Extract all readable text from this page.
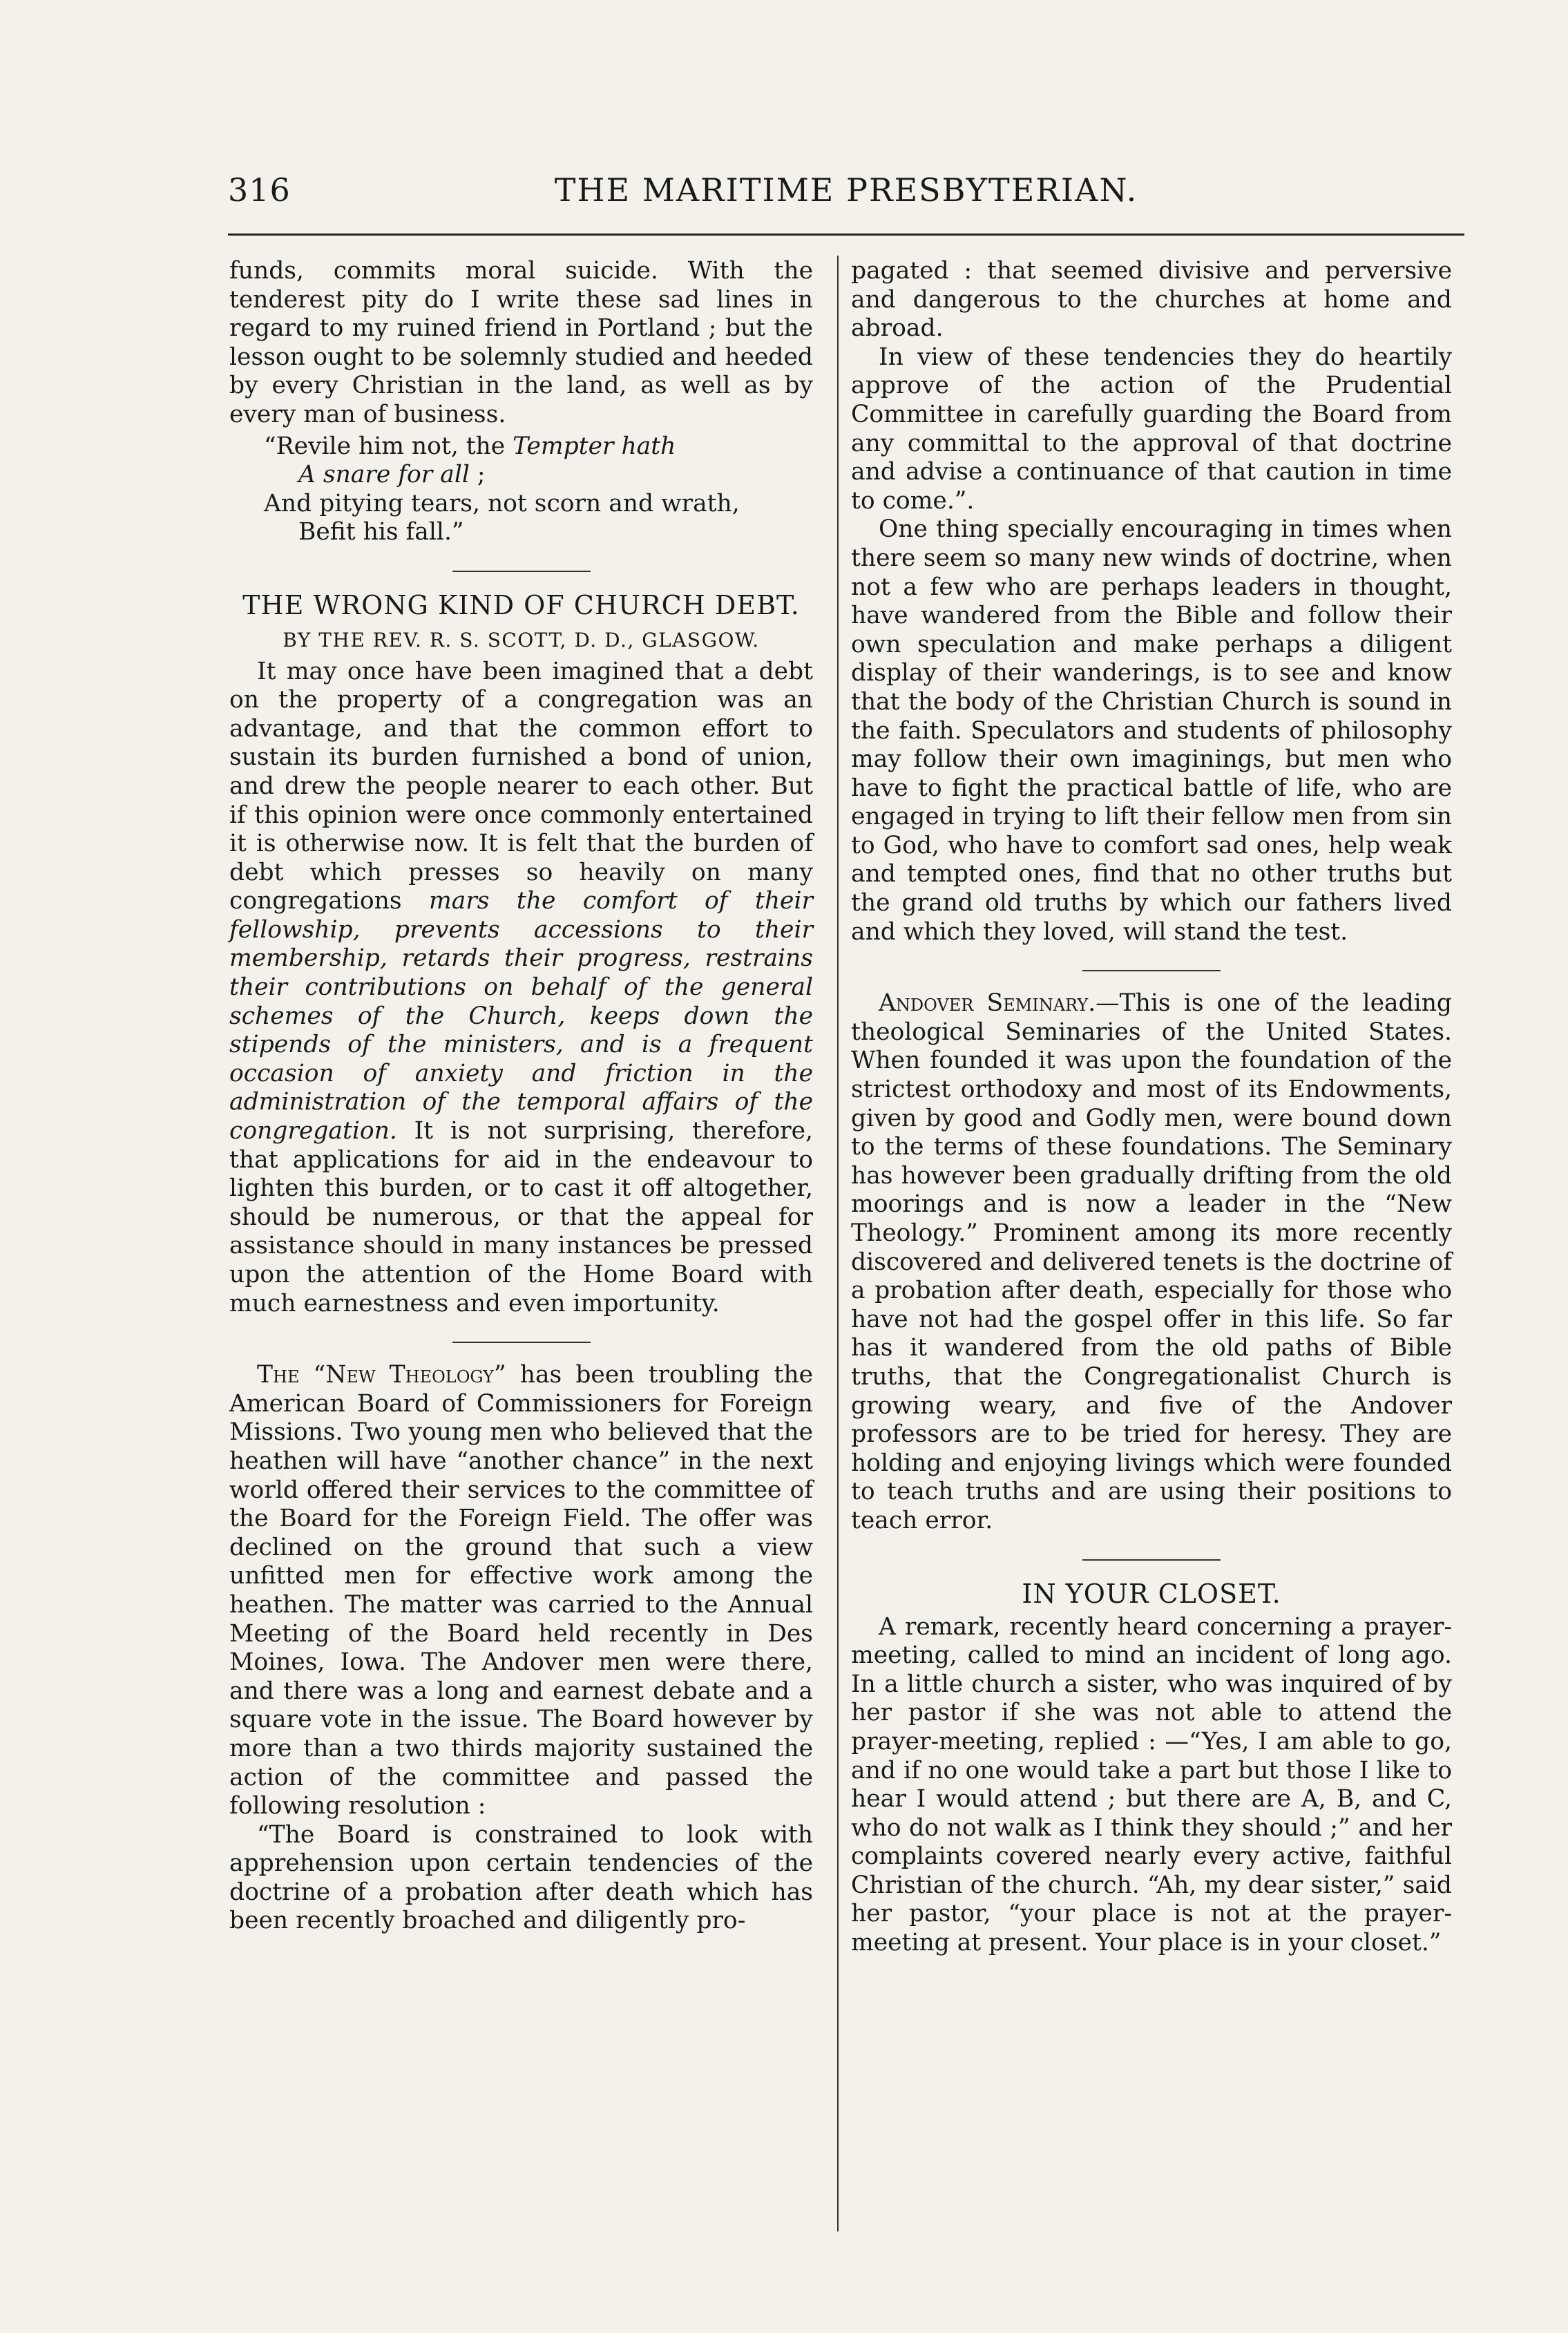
316	THE MARITIME PRESBYTERIAN.

funds, commits moral suicide. With the tenderest pity do I write these sad lines in regard to my ruined friend in Portland ; but the lesson ought to be solemnly studied and heeded by every Christian in the land, as well as by every man of business.

“Revile him not, the Tempter hath
A snare for all ;
And pitying tears, not scorn and wrath,
Befit his fall.”
THE WRONG KIND OF CHURCH DEBT.
BY THE REV. R. S. SCOTT, D. D., GLASGOW.

It may once have been imagined that a debt on the property of a congregation was an advantage, and that the common effort to sustain its burden furnished a bond of union, and drew the people nearer to each other. But if this opinion were once commonly entertained it is otherwise now. It is felt that the burden of debt which presses so heavily on many congregations mars the comfort of their fellowship, prevents accessions to their membership, retards their progress, restrains their contributions on behalf of the general schemes of the Church, keeps down the stipends of the ministers, and is a frequent occasion of anxiety and friction in the administration of the temporal affairs of the congregation. It is not surprising, therefore, that applications for aid in the endeavour to lighten this burden, or to cast it off altogether, should be numerous, or that the appeal for assistance should in many instances be pressed upon the attention of the Home Board with much earnestness and even importunity.

The “New Theology” has been troubling the American Board of Commissioners for Foreign Missions. Two young men who believed that the heathen will have “another chance” in the next world offered their services to the committee of the Board for the Foreign Field. The offer was declined on the ground that such a view unfitted men for effective work among the heathen. The matter was carried to the Annual Meeting of the Board held recently in Des Moines, Iowa. The Andover men were there, and there was a long and earnest debate and a square vote in the issue. The Board however by more than a two thirds majority sustained the action of the committee and passed the following resolution :

“The Board is constrained to look with apprehension upon certain tendencies of the doctrine of a probation after death which has been recently broached and diligently pro-

pagated : that seemed divisive and perversive and dangerous to the churches at home and abroad.

In view of these tendencies they do heartily approve of the action of the Prudential Committee in carefully guarding the Board from any committal to the approval of that doctrine and advise a continuance of that caution in time to come.”.

One thing specially encouraging in times when there seem so many new winds of doctrine, when not a few who are perhaps leaders in thought, have wandered from the Bible and follow their own speculation and make perhaps a diligent display of their wanderings, is to see and know that the body of the Christian Church is sound in the faith. Speculators and students of philosophy may follow their own imaginings, but men who have to fight the practical battle of life, who are engaged in trying to lift their fellow men from sin to God, who have to comfort sad ones, help weak and tempted ones, find that no other truths but the grand old truths by which our fathers lived and which they loved, will stand the test.

Andover Seminary.—This is one of the leading theological Seminaries of the United States. When founded it was upon the foundation of the strictest orthodoxy and most of its Endowments, given by good and Godly men, were bound down to the terms of these foundations. The Seminary has however been gradually drifting from the old moorings and is now a leader in the “New Theology.” Prominent among its more recently discovered and delivered tenets is the doctrine of a probation after death, especially for those who have not had the gospel offer in this life. So far has it wandered from the old paths of Bible truths, that the Congregationalist Church is growing weary, and five of the Andover professors are to be tried for heresy. They are holding and enjoying livings which were founded to teach truths and are using their positions to teach error.

IN YOUR CLOSET.

A remark, recently heard concerning a prayer-meeting, called to mind an incident of long ago. In a little church a sister, who was inquired of by her pastor if she was not able to attend the prayer-meeting, replied : —“Yes, I am able to go, and if no one would take a part but those I like to hear I would attend ; but there are A, B, and C, who do not walk as I think they should ;” and her complaints covered nearly every active, faithful Christian of the church. “Ah, my dear sister,” said her pastor, “your place is not at the prayer-meeting at present. Your place is in your closet.”
